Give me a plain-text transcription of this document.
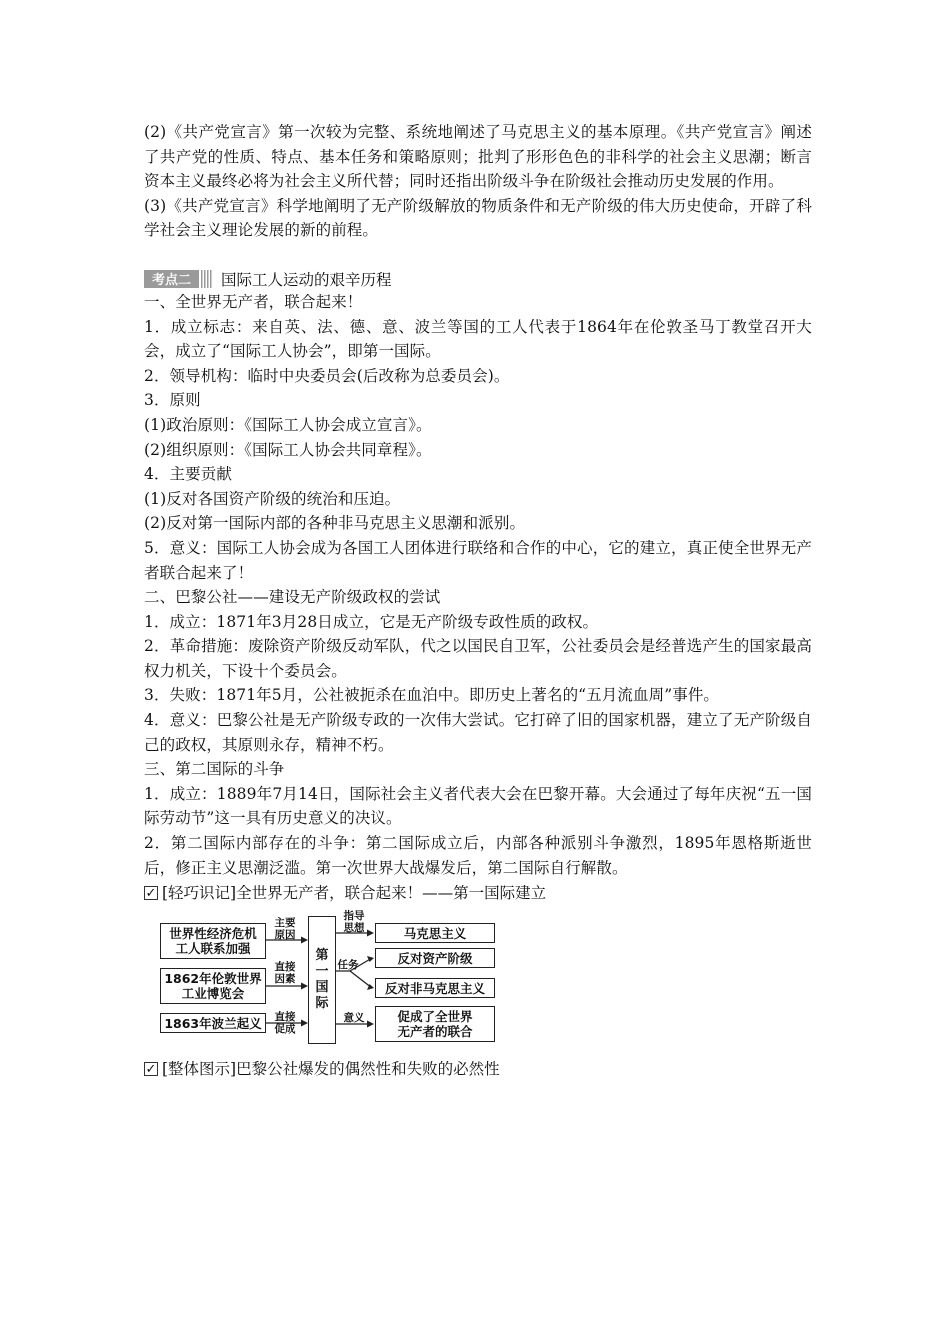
(2)《共产党宣言》第一次较为完整、系统地阐述了马克思主义的基本原理。《共产党宣言》阐述了共产党的性质、特点、基本任务和策略原则；批判了形形色色的非科学的社会主义思潮；断言资本主义最终必将为社会主义所代替；同时还指出阶级斗争在阶级社会推动历史发展的作用。

(3)《共产党宣言》科学地阐明了无产阶级解放的物质条件和无产阶级的伟大历史使命，开辟了科学社会主义理论发展的新的前程。

考点二	国际工人运动的艰辛历程

一、全世界无产者，联合起来！

1．成立标志：来自英、法、德、意、波兰等国的工人代表于1864年在伦敦圣马丁教堂召开大会，成立了“国际工人协会”，即第一国际。

2．领导机构：临时中央委员会(后改称为总委员会)。

3．原则

(1)政治原则：《国际工人协会成立宣言》。

(2)组织原则：《国际工人协会共同章程》。

4．主要贡献

(1)反对各国资产阶级的统治和压迫。

(2)反对第一国际内部的各种非马克思主义思潮和派别。

5．意义：国际工人协会成为各国工人团体进行联络和合作的中心，它的建立，真正使全世界无产者联合起来了！

二、巴黎公社——建设无产阶级政权的尝试

1．成立：1871年3月28日成立，它是无产阶级专政性质的政权。

2．革命措施：废除资产阶级反动军队，代之以国民自卫军，公社委员会是经普选产生的国家最高权力机关，下设十个委员会。

3．失败：1871年5月，公社被扼杀在血泊中。即历史上著名的“五月流血周”事件。

4．意义：巴黎公社是无产阶级专政的一次伟大尝试。它打碎了旧的国家机器，建立了无产阶级自己的政权，其原则永存，精神不朽。

三、第二国际的斗争

1．成立：1889年7月14日，国际社会主义者代表大会在巴黎开幕。大会通过了每年庆祝“五一国际劳动节”这一具有历史意义的决议。

2．第二国际内部存在的斗争：第二国际成立后，内部各种派别斗争激烈，1895年恩格斯逝世后，修正主义思潮泛滥。第一次世界大战爆发后，第二国际自行解散。

✓ [轻巧识记]全世界无产者，联合起来！——第一国际建立
世界性经济危机
工人联系加强
1862年伦敦世界
工业博览会
1863年波兰起义
主要
原因
直接
因素
直接
促成
第
一
国
际
指导
思想
任务
意义
马克思主义
反对资产阶级
反对非马克思主义
促成了全世界
无产者的联合
✓ [整体图示]巴黎公社爆发的偶然性和失败的必然性
